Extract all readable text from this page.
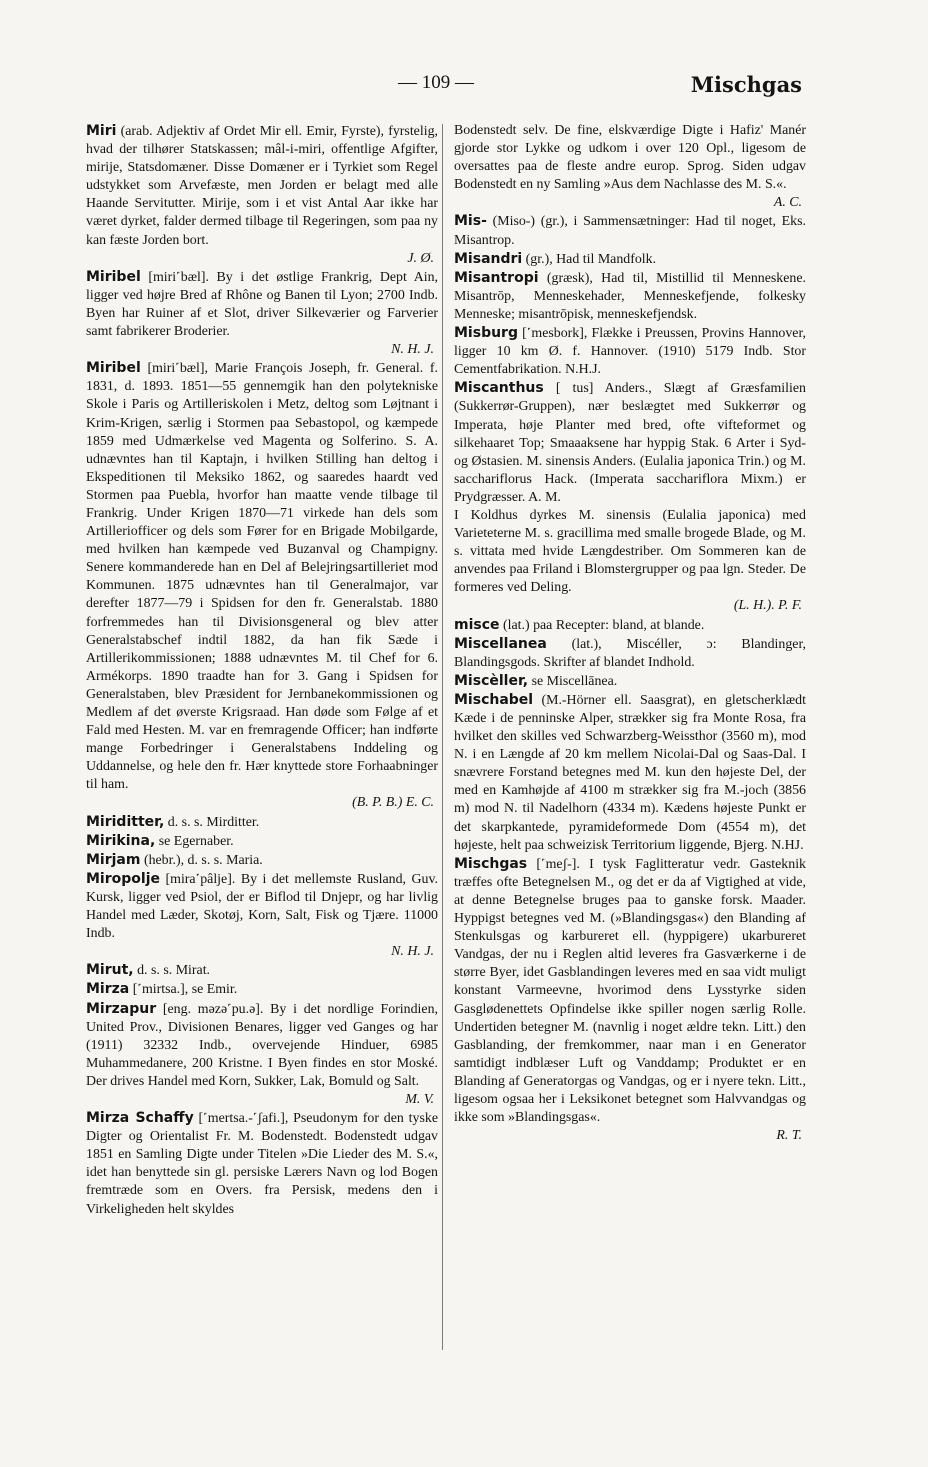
— 109 —	Mischgas

Miri (arab. Adjektiv af Ordet Mir ell. Emir, Fyrste), fyrstelig, hvad der tilhører Statskassen; mâl-i-miri, offentlige Afgifter, mirije, Statsdomæner. Disse Domæner er i Tyrkiet som Regel udstykket som Arvefæste, men Jorden er belagt med alle Haande Servitutter. Mirije, som i et vist Antal Aar ikke har været dyrket, falder dermed tilbage til Regeringen, som paa ny kan fæste Jorden bort.
J. Ø.

Miribel [miri˹bæl]. By i det østlige Frankrig, Dept Ain, ligger ved højre Bred af Rhône og Banen til Lyon; 2700 Indb. Byen har Ruiner af et Slot, driver Silkeværier og Farverier samt fabrikerer Broderier.
N. H. J.

Miribel [miri˹bæl], Marie François Joseph, fr. General. f. 1831, d. 1893. 1851—55 gennemgik han den polytekniske Skole i Paris og Artilleriskolen i Metz, deltog som Løjtnant i Krim-Krigen, særlig i Stormen paa Sebastopol, og kæmpede 1859 med Udmærkelse ved Magenta og Solferino. S. A. udnævntes han til Kaptajn, i hvilken Stilling han deltog i Ekspeditionen til Meksiko 1862, og saaredes haardt ved Stormen paa Puebla, hvorfor han maatte vende tilbage til Frankrig. Under Krigen 1870—71 virkede han dels som Artilleriofficer og dels som Fører for en Brigade Mobilgarde, med hvilken han kæmpede ved Buzanval og Champigny. Senere kommanderede han en Del af Belejringsartilleriet mod Kommunen. 1875 udnævntes han til Generalmajor, var derefter 1877—79 i Spidsen for den fr. Generalstab. 1880 forfremmedes han til Divisionsgeneral og blev atter Generalstabschef indtil 1882, da han fik Sæde i Artillerikommissionen; 1888 udnævntes M. til Chef for 6. Armékorps. 1890 traadte han for 3. Gang i Spidsen for Generalstaben, blev Præsident for Jernbanekommissionen og Medlem af det øverste Krigsraad. Han døde som Følge af et Fald med Hesten. M. var en fremragende Officer; han indførte mange Forbedringer i Generalstabens Inddeling og Uddannelse, og hele den fr. Hær knyttede store Forhaabninger til ham.
(B. P. B.) E. C.

Miriditter, d. s. s. Mirditter.

Mirikina, se Egernaber.

Mirjam (hebr.), d. s. s. Maria.

Miropolje [mira˹pâlje]. By i det mellemste Rusland, Guv. Kursk, ligger ved Psiol, der er Biflod til Dnjepr, og har livlig Handel med Læder, Skotøj, Korn, Salt, Fisk og Tjære. 11000 Indb.
N. H. J.

Mirut, d. s. s. Mirat.

Mirza [˹mirtsa.], se Emir.

Mirzapur [eng. məzə˹pu.ə]. By i det nordlige Forindien, United Prov., Divisionen Benares, ligger ved Ganges og har (1911) 32332 Indb., overvejende Hinduer, 6985 Muhammedanere, 200 Kristne. I Byen findes en stor Moské. Der drives Handel med Korn, Sukker, Lak, Bomuld og Salt.
M. V.

Mirza Schaffy [˹mertsa.-˹ʃafi.], Pseudonym for den tyske Digter og Orientalist Fr. M. Bodenstedt. Bodenstedt udgav 1851 en Samling Digte under Titelen »Die Lieder des M. S.«, idet han benyttede sin gl. persiske Lærers Navn og lod Bogen fremtræde som en Overs. fra Persisk, medens den i Virkeligheden helt skyldes

Bodenstedt selv. De fine, elskværdige Digte i Hafiz' Manér gjorde stor Lykke og udkom i over 120 Opl., ligesom de oversattes paa de fleste andre europ. Sprog. Siden udgav Bodenstedt en ny Samling »Aus dem Nachlasse des M. S.«.
A. C.

Mis- (Miso-) (gr.), i Sammensætninger: Had til noget, Eks. Misantrop.

Misandri (gr.), Had til Mandfolk.

Misantropi (græsk), Had til, Mistillid til Menneskene. Misantrōp, Menneskehader, Menneskefjende, folkesky Menneske; misantrōpisk, menneskefjendsk.

Misburg [˹mesbork], Flække i Preussen, Provins Hannover, ligger 10 km Ø. f. Hannover. (1910) 5179 Indb. Stor Cementfabrikation. N.H.J.

Miscanthus [ tus] Anders., Slægt af Græsfamilien (Sukkerrør-Gruppen), nær beslægtet med Sukkerrør og Imperata, høje Planter med bred, ofte vifteformet og silkehaaret Top; Smaaaksene har hyppig Stak. 6 Arter i Syd- og Østasien. M. sinensis Anders. (Eulalia japonica Trin.) og M. sacchariflorus Hack. (Imperata sacchariflora Mixm.) er Prydgræsser. A. M.

I Koldhus dyrkes M. sinensis (Eulalia japonica) med Varieteterne M. s. gracillima med smalle brogede Blade, og M. s. vittata med hvide Længdestriber. Om Sommeren kan de anvendes paa Friland i Blomstergrupper og paa lgn. Steder. De formeres ved Deling.
(L. H.). P. F.

misce (lat.) paa Recepter: bland, at blande.

Miscellanea (lat.), Miscéller, ɔ: Blandinger, Blandingsgods. Skrifter af blandet Indhold.

Miscèller, se Miscellānea.

Mischabel (M.-Hörner ell. Saasgrat), en gletscherklædt Kæde i de penninske Alper, strækker sig fra Monte Rosa, fra hvilket den skilles ved Schwarzberg-Weissthor (3560 m), mod N. i en Længde af 20 km mellem Nicolai-Dal og Saas-Dal. I snævrere Forstand betegnes med M. kun den højeste Del, der med en Kamhøjde af 4100 m strækker sig fra M.-joch (3856 m) mod N. til Nadelhorn (4334 m). Kædens højeste Punkt er det skarpkantede, pyramideformede Dom (4554 m), det højeste, helt paa schweizisk Territorium liggende, Bjerg. N.HJ.

Mischgas [˹meʃ-]. I tysk Faglitteratur vedr. Gasteknik træffes ofte Betegnelsen M., og det er da af Vigtighed at vide, at denne Betegnelse bruges paa to ganske forsk. Maader. Hyppigst betegnes ved M. (»Blandingsgas«) den Blanding af Stenkulsgas og karbureret ell. (hyppigere) ukarbureret Vandgas, der nu i Reglen altid leveres fra Gasværkerne i de større Byer, idet Gasblandingen leveres med en saa vidt muligt konstant Varmeevne, hvorimod dens Lysstyrke siden Gasglødenettets Opfindelse ikke spiller nogen særlig Rolle. Undertiden betegner M. (navnlig i noget ældre tekn. Litt.) den Gasblanding, der fremkommer, naar man i en Generator samtidigt indblæser Luft og Vanddamp; Produktet er en Blanding af Generatorgas og Vandgas, og er i nyere tekn. Litt., ligesom ogsaa her i Leksikonet betegnet som Halvvandgas og ikke som »Blandingsgas«.
R. T.
